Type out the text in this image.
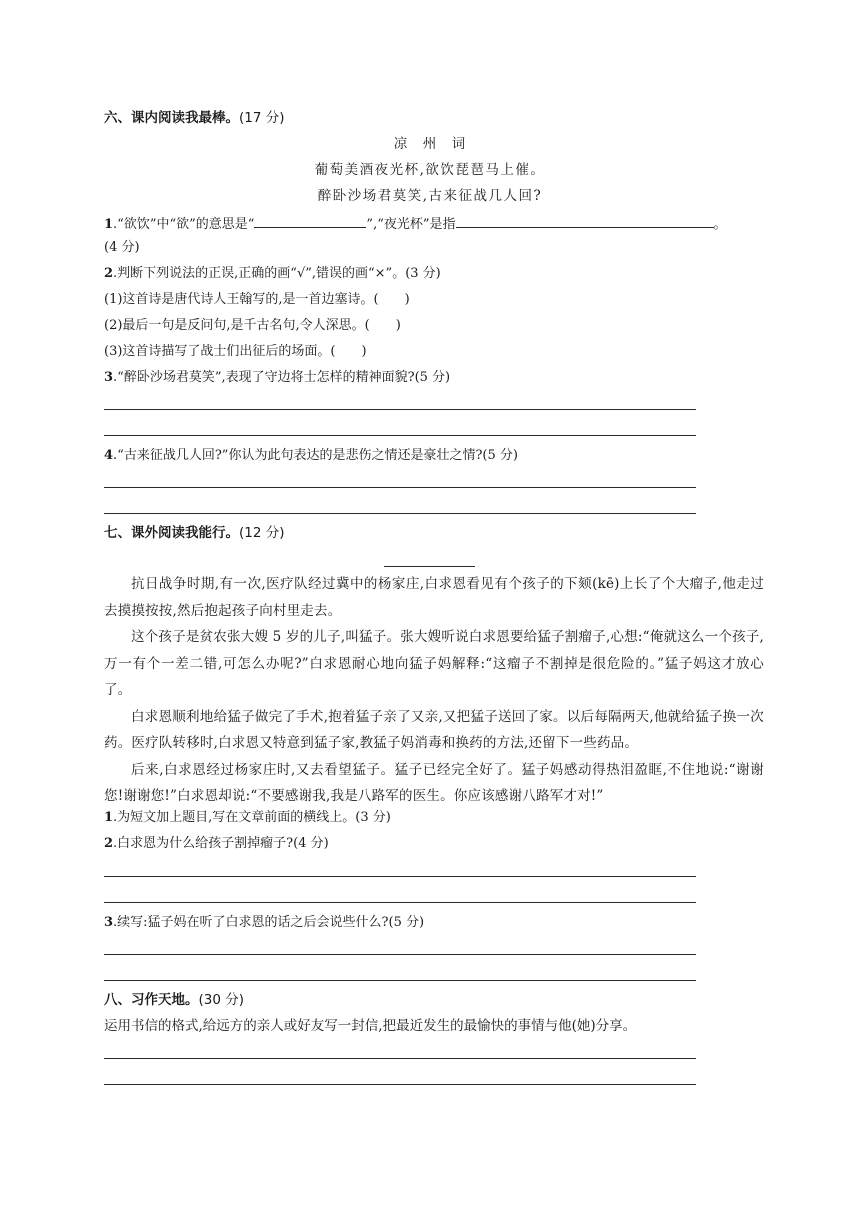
六、课内阅读我最棒。(17 分)
凉　州　词
葡萄美酒夜光杯,欲饮琵琶马上催。
醉卧沙场君莫笑,古来征战几人回?
1.“欲饮”中“欲”的意思是“	”,“夜光杯”是指	。
(4 分)
2.判断下列说法的正误,正确的画“√”,错误的画“×”。(3 分)
(1)这首诗是唐代诗人王翰写的,是一首边塞诗。(　　)
(2)最后一句是反问句,是千古名句,令人深思。(　　)
(3)这首诗描写了战士们出征后的场面。(　　)
3.“醉卧沙场君莫笑”,表现了守边将士怎样的精神面貌?(5 分)
4.“古来征战几人回?”你认为此句表达的是悲伤之情还是豪壮之情?(5 分)
七、课外阅读我能行。(12 分)

抗日战争时期,有一次,医疗队经过冀中的杨家庄,白求恩看见有个孩子的下颏(kē)上长了个大瘤子,他走过去摸摸按按,然后抱起孩子向村里走去。

这个孩子是贫农张大嫂 5 岁的儿子,叫猛子。张大嫂听说白求恩要给猛子割瘤子,心想:“俺就这么一个孩子,万一有个一差二错,可怎么办呢?”白求恩耐心地向猛子妈解释:“这瘤子不割掉是很危险的。”猛子妈这才放心了。

白求恩顺利地给猛子做完了手术,抱着猛子亲了又亲,又把猛子送回了家。以后每隔两天,他就给猛子换一次药。医疗队转移时,白求恩又特意到猛子家,教猛子妈消毒和换药的方法,还留下一些药品。

后来,白求恩经过杨家庄时,又去看望猛子。猛子已经完全好了。猛子妈感动得热泪盈眶,不住地说:“谢谢您!谢谢您!”白求恩却说:“不要感谢我,我是八路军的医生。你应该感谢八路军才对!”

1.为短文加上题目,写在文章前面的横线上。(3 分)
2.白求恩为什么给孩子割掉瘤子?(4 分)
3.续写:猛子妈在听了白求恩的话之后会说些什么?(5 分)
八、习作天地。(30 分)
运用书信的格式,给远方的亲人或好友写一封信,把最近发生的最愉快的事情与他(她)分享。
